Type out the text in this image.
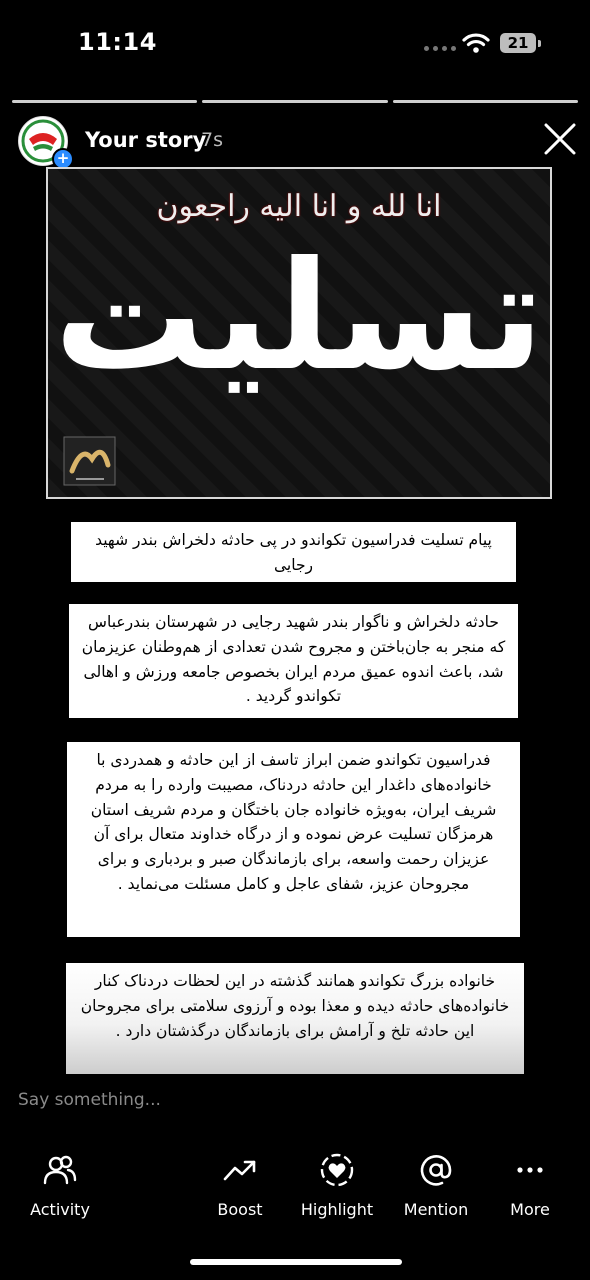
11:14	21
+
Your story
7s
انا لله و انا الیه راجعون
تسلیت
پیام تسلیت فدراسیون تکواندو در پی حادثه دلخراش بندر شهید رجایی
حادثه دلخراش و ناگوار بندر شهید رجایی در شهرستان بندرعباس که منجر به جان‌باختن و مجروح شدن تعدادی از هم‌وطنان عزیزمان شد، باعث اندوه عمیق مردم ایران بخصوص جامعه ورزش و اهالی تکواندو گردید .
فدراسیون تکواندو ضمن ابراز تاسف از این حادثه و همدردی با خانواده‌های داغدار این حادثه دردناک، مصیبت وارده را به مردم شریف ایران، به‌ویژه خانواده جان باختگان و مردم شریف استان هرمزگان تسلیت عرض نموده و از درگاه خداوند متعال برای آن عزیزان رحمت واسعه، برای بازماندگان صبر و بردباری و برای مجروحان عزیز، شفای عاجل و کامل مسئلت می‌نماید .
خانواده بزرگ تکواندو همانند گذشته در این لحظات دردناک کنار خانواده‌های حادثه دیده و معذا بوده و آرزوی سلامتی برای مجروحان این حادثه تلخ و آرامش برای بازماندگان درگذشتان دارد .
Say something...
Activity	Boost	Highlight	Mention	More
